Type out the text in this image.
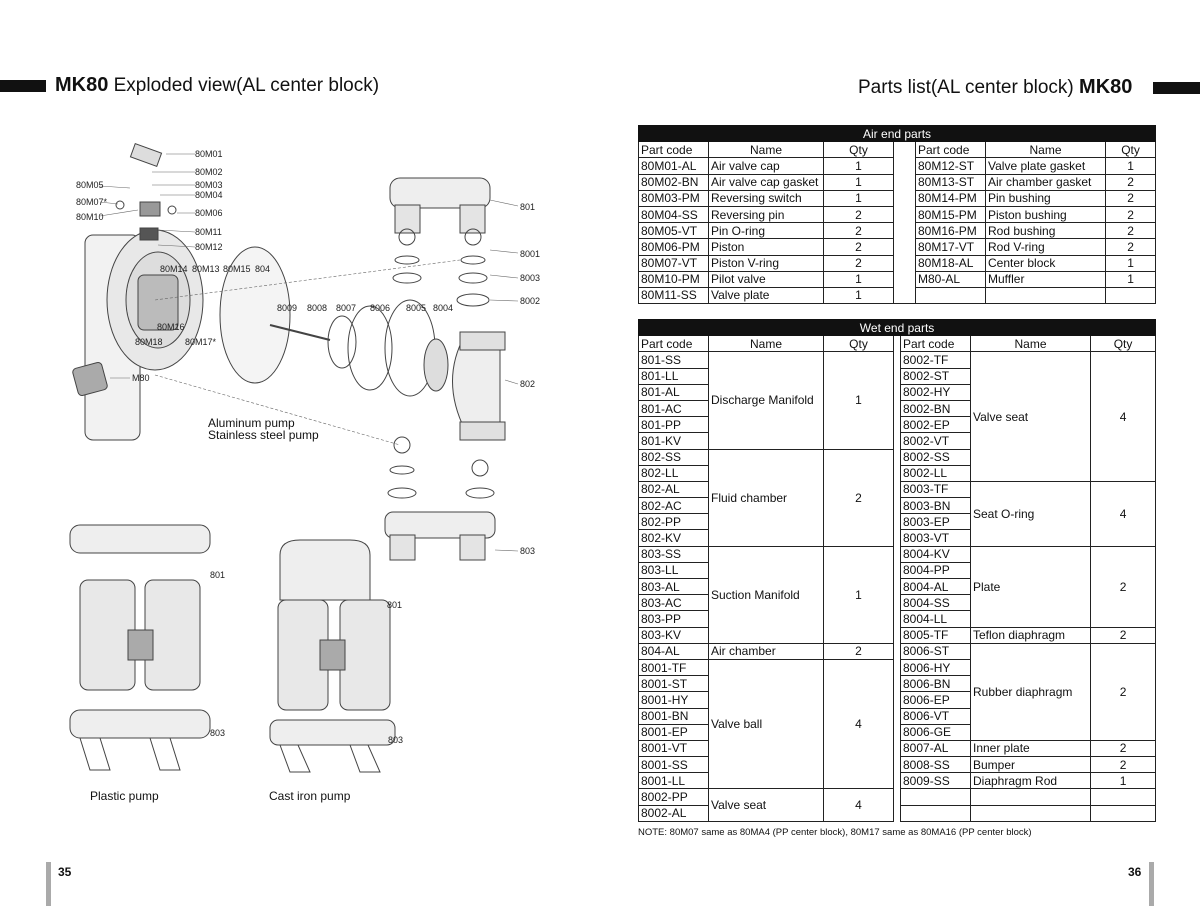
MK80 Exploded view(AL center block)
80M01
80M02
80M03
80M04
80M05
80M07*
80M10	80M06
80M11
80M12
80M14 80M13 80M15 804
80M16
80M18 80M17*
M80
801
8001
8003
8002
8009 8008 8007 8006 8005 8004
802
803
801
801
803
803
Aluminum pump
Stainless steel pump
Plastic pump	Cast iron pump
35
Parts list(AL center block) MK80
Air end parts						
Part code	Name	Qty		Part code	Name	Qty
80M01-AL	Air valve cap	1		80M12-ST	Valve plate gasket	1
80M02-BN	Air valve cap gasket	1		80M13-ST	Air chamber gasket	2
80M03-PM	Reversing switch	1		80M14-PM	Pin bushing	2
80M04-SS	Reversing pin	2		80M15-PM	Piston bushing	2
80M05-VT	Pin O-ring	2		80M16-PM	Rod bushing	2
80M06-PM	Piston	2		80M17-VT	Rod V-ring	2
80M07-VT	Piston V-ring	2		80M18-AL	Center block	1
80M10-PM	Pilot valve	1		M80-AL	Muffler	1
80M11-SS	Valve plate	1				

Wet end parts						
Part code	Name	Qty		Part code	Name	Qty
801-SS	Discharge Manifold	1		8002-TF	Valve seat	4
801-LL				8002-ST		
801-AL				8002-HY		
801-AC				8002-BN		
801-PP				8002-EP		
801-KV				8002-VT		
802-SS	Fluid chamber	2		8002-SS		
802-LL				8002-LL		
802-AL				8003-TF	Seat O-ring	4
802-AC				8003-BN		
802-PP				8003-EP		
802-KV				8003-VT		
803-SS	Suction Manifold	1		8004-KV	Plate	2
803-LL				8004-PP		
803-AL				8004-AL		
803-AC				8004-SS		
803-PP				8004-LL		
803-KV				8005-TF	Teflon diaphragm	2
804-AL	Air chamber	2		8006-ST	Rubber diaphragm	2
8001-TF	Valve ball	4		8006-HY		
8001-ST				8006-BN		
8001-HY				8006-EP		
8001-BN				8006-VT		
8001-EP				8006-GE		
8001-VT				8007-AL	Inner plate	2
8001-SS				8008-SS	Bumper	2
8001-LL				8009-SS	Diaphragm Rod	1
8002-PP	Valve seat	4				
8002-AL						
NOTE: 80M07 same as 80MA4 (PP center block), 80M17 same as 80MA16 (PP center block)
36
